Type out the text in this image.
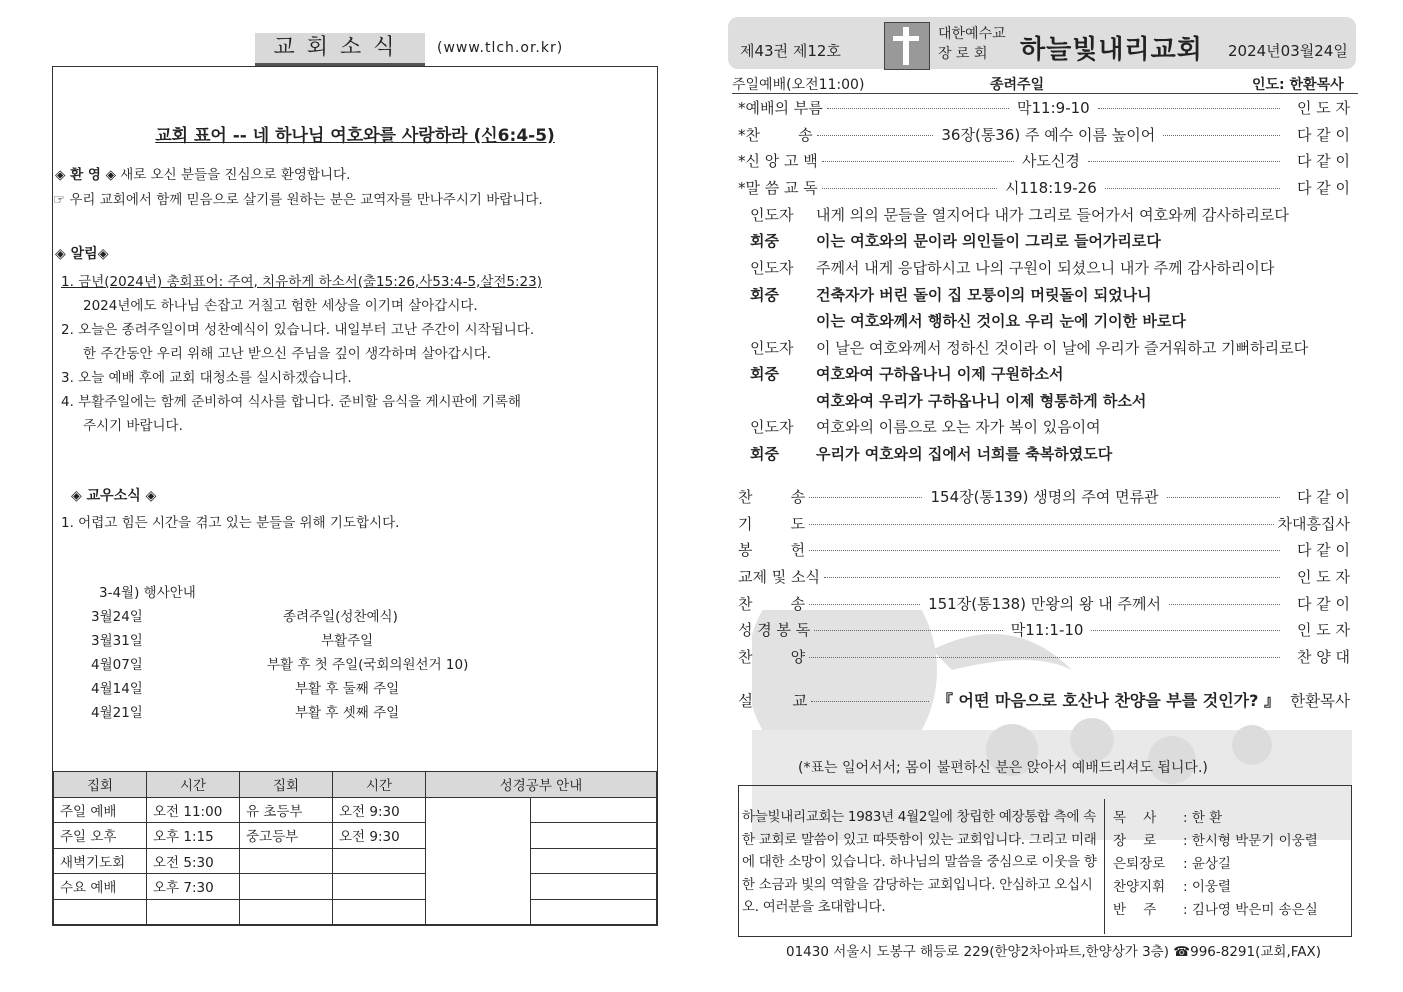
교회소식	(www.tlch.or.kr)
교회 표어 -- 네 하나님 여호와를 사랑하라 (신6:4-5)
◈ 환 영 ◈ 새로 오신 분들을 진심으로 환영합니다.
☞ 우리 교회에서 함께 믿음으로 살기를 원하는 분은 교역자를 만나주시기 바랍니다.
◈ 알림◈
1. 금년(2024년) 총회표어: 주여, 치유하게 하소서(출15:26,사53:4-5,살전5:23)
2024년에도 하나님 손잡고 거칠고 험한 세상을 이기며 살아갑시다.
2. 오늘은 종려주일이며 성찬예식이 있습니다. 내일부터 고난 주간이 시작됩니다.
한 주간동안 우리 위해 고난 받으신 주님을 깊이 생각하며 살아갑시다.
3. 오늘 예배 후에 교회 대청소를 실시하겠습니다.
4. 부활주일에는 함께 준비하여 식사를 합니다. 준비할 음식을 게시판에 기록해
주시기 바랍니다.
◈ 교우소식 ◈
1. 어렵고 힘든 시간을 겪고 있는 분들을 위해 기도합시다.
3-4월) 행사안내
3월24일	종려주일(성찬예식)
3월31일	부활주일
4월07일	부활 후 첫 주일(국회의원선거 10)
4월14일	부활 후 둘째 주일
4월21일	부활 후 셋째 주일
집회	시간	집회	시간	성경공부 안내	
주일 예배	오전 11:00	유 초등부	오전 9:30		
주일 오후	오후 1:15	중고등부	오전 9:30		
새벽기도회	오전 5:30				
수요 예배	오후 7:30				

제43권 제12호
대한예수교
장 로 회	하늘빛내리교회 2024년03월24일
주일예배(오전11:00)	종려주일	인도: 한환목사
*예배의 부름	막11:9-10	인 도 자
*찬        송	36장(통36) 주 예수 이름 높이어	다 같 이
*신 앙 고 백	사도신경	다 같 이
*말 씀 교 독	시118:19-26	다 같 이
인도자 내게 의의 문들을 열지어다 내가 그리로 들어가서 여호와께 감사하리로다
회중 이는 여호와의 문이라 의인들이 그리로 들어가리로다
인도자 주께서 내게 응답하시고 나의 구원이 되셨으니 내가 주께 감사하리이다
회중 건축자가 버린 돌이 집 모퉁이의 머릿돌이 되었나니
이는 여호와께서 행하신 것이요 우리 눈에 기이한 바로다
인도자 이 날은 여호와께서 정하신 것이라 이 날에 우리가 즐거워하고 기뻐하리로다
회중 여호와여 구하옵나니 이제 구원하소서
여호와여 우리가 구하옵나니 이제 형통하게 하소서
인도자 여호와의 이름으로 오는 자가 복이 있음이여
회중 우리가 여호와의 집에서 너희를 축복하였도다
찬        송	154장(통139) 생명의 주여 면류관	다 같 이
기        도	차대흥집사
봉        헌	다 같 이
교제 및 소식	인 도 자
찬        송	151장(통138) 만왕의 왕 내 주께서	다 같 이
성 경 봉 독	막11:1-10	인 도 자
찬        양	찬 양 대
설        교	『 어떤 마음으로 호산나 찬양을 부를 것인가? 』 한환목사
(*표는 일어서서; 몸이 불편하신 분은 앉아서 예배드리셔도 됩니다.)
하늘빛내리교회는 1983년 4월2일에 창립한 예장통합 측에 속한 교회로 말씀이 있고 따뜻함이 있는 교회입니다. 그리고 미래에 대한 소망이 있습니다. 하나님의 말씀을 중심으로 이웃을 향한 소금과 빛의 역할을 감당하는 교회입니다. 안심하고 오십시오. 여러분을 초대합니다.
목    사 : 한 환
장    로 : 한시형 박문기 이웅렬
은퇴장로 : 윤상길
찬양지휘 : 이웅렬
반    주 : 김나영 박은미 송은실
01430 서울시 도봉구 해등로 229(한양2차아파트,한양상가 3층) ☎996-8291(교회,FAX)
